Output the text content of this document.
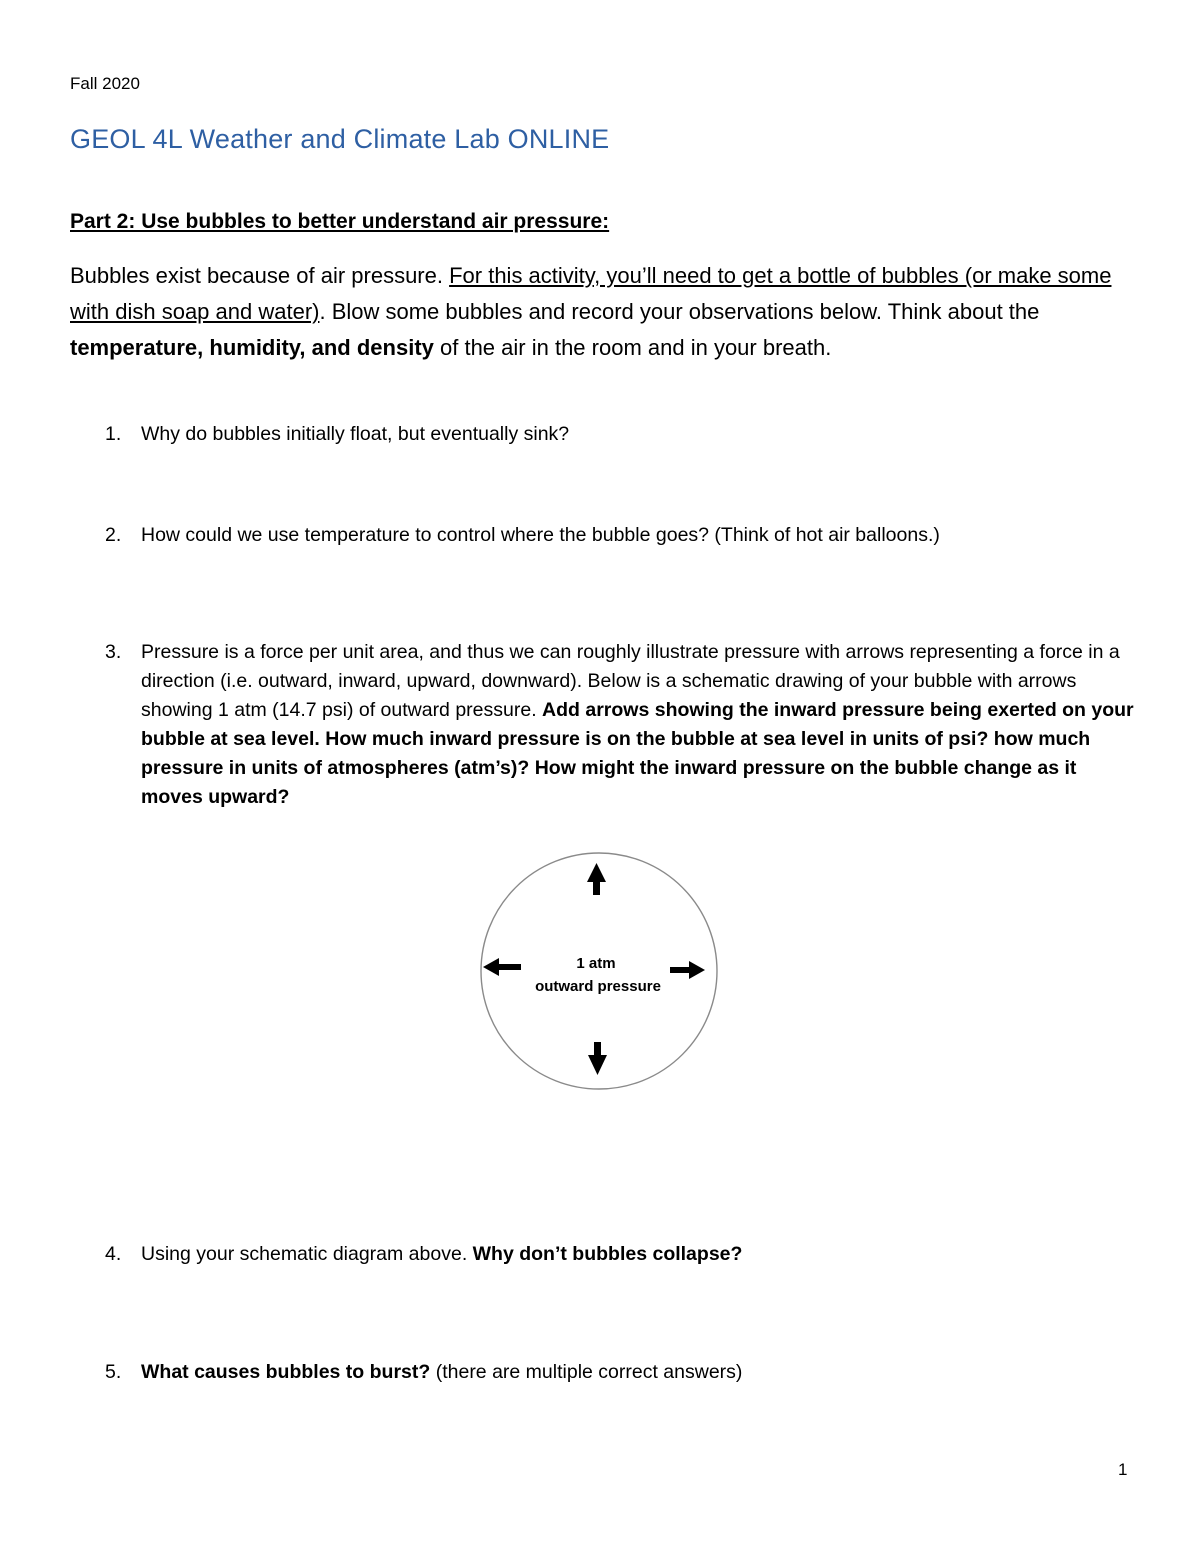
Fall 2020
GEOL 4L Weather and Climate Lab ONLINE
Part 2: Use bubbles to better understand air pressure:
Bubbles exist because of air pressure. For this activity, you’ll need to get a bottle of bubbles (or make some with dish soap and water). Blow some bubbles and record your observations below. Think about the temperature, humidity, and density of the air in the room and in your breath.
1. Why do bubbles initially float, but eventually sink?
2. How could we use temperature to control where the bubble goes? (Think of hot air balloons.)
3. Pressure is a force per unit area, and thus we can roughly illustrate pressure with arrows representing a force in a direction (i.e. outward, inward, upward, downward). Below is a schematic drawing of your bubble with arrows showing 1 atm (14.7 psi) of outward pressure. Add arrows showing the inward pressure being exerted on your bubble at sea level. How much inward pressure is on the bubble at sea level in units of psi? how much pressure in units of atmospheres (atm’s)? How might the inward pressure on the bubble change as it moves upward?
1 atm
outward pressure
4. Using your schematic diagram above. Why don’t bubbles collapse?
5. What causes bubbles to burst? (there are multiple correct answers)
1
